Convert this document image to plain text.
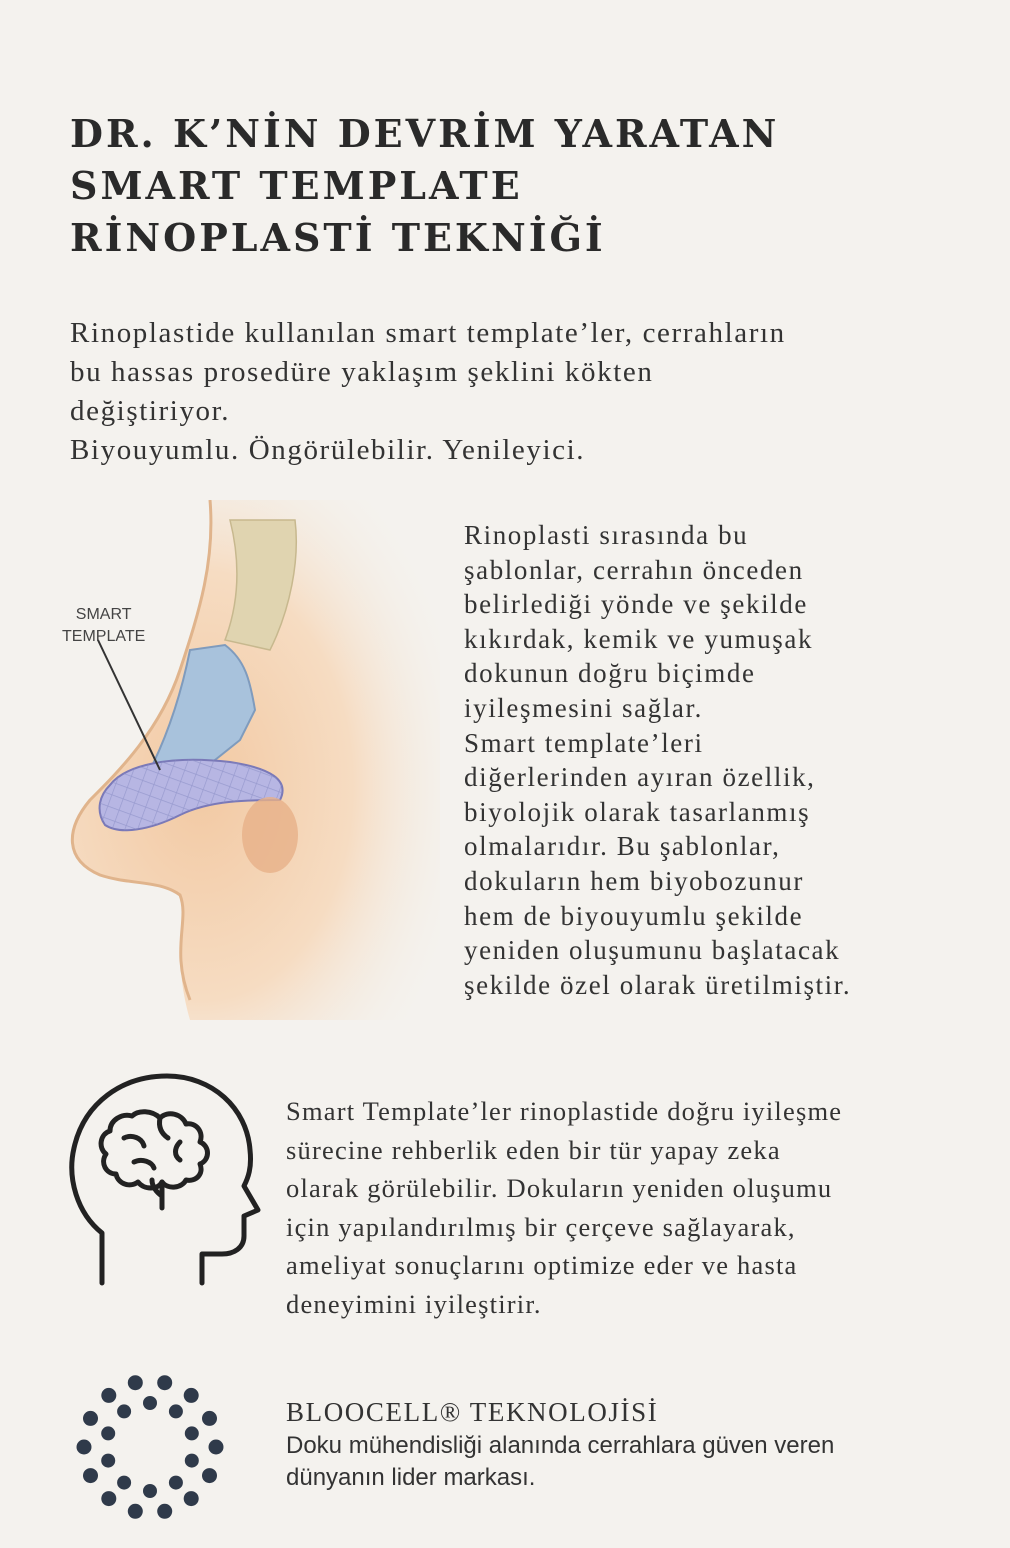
DR. K’NİN DEVRİM YARATAN
SMART TEMPLATE
RİNOPLASTİ TEKNİĞİ
Rinoplastide kullanılan smart template’ler, cerrahların
bu hassas prosedüre yaklaşım şeklini kökten
değiştiriyor.
Biyouyumlu. Öngörülebilir. Yenileyici.
SMART
TEMPLATE
Rinoplasti sırasında bu
şablonlar, cerrahın önceden
belirlediği yönde ve şekilde
kıkırdak, kemik ve yumuşak
dokunun doğru biçimde
iyileşmesini sağlar.
Smart template’leri
diğerlerinden ayıran özellik,
biyolojik olarak tasarlanmış
olmalarıdır. Bu şablonlar,
dokuların hem biyobozunur
hem de biyouyumlu şekilde
yeniden oluşumunu başlatacak
şekilde özel olarak üretilmiştir.
Smart Template’ler rinoplastide doğru iyileşme
sürecine rehberlik eden bir tür yapay zeka
olarak görülebilir. Dokuların yeniden oluşumu
için yapılandırılmış bir çerçeve sağlayarak,
ameliyat sonuçlarını optimize eder ve hasta
deneyimini iyileştirir.
BLOOCELL® TEKNOLOJİSİ
Doku mühendisliği alanında cerrahlara güven veren
dünyanın lider markası.
